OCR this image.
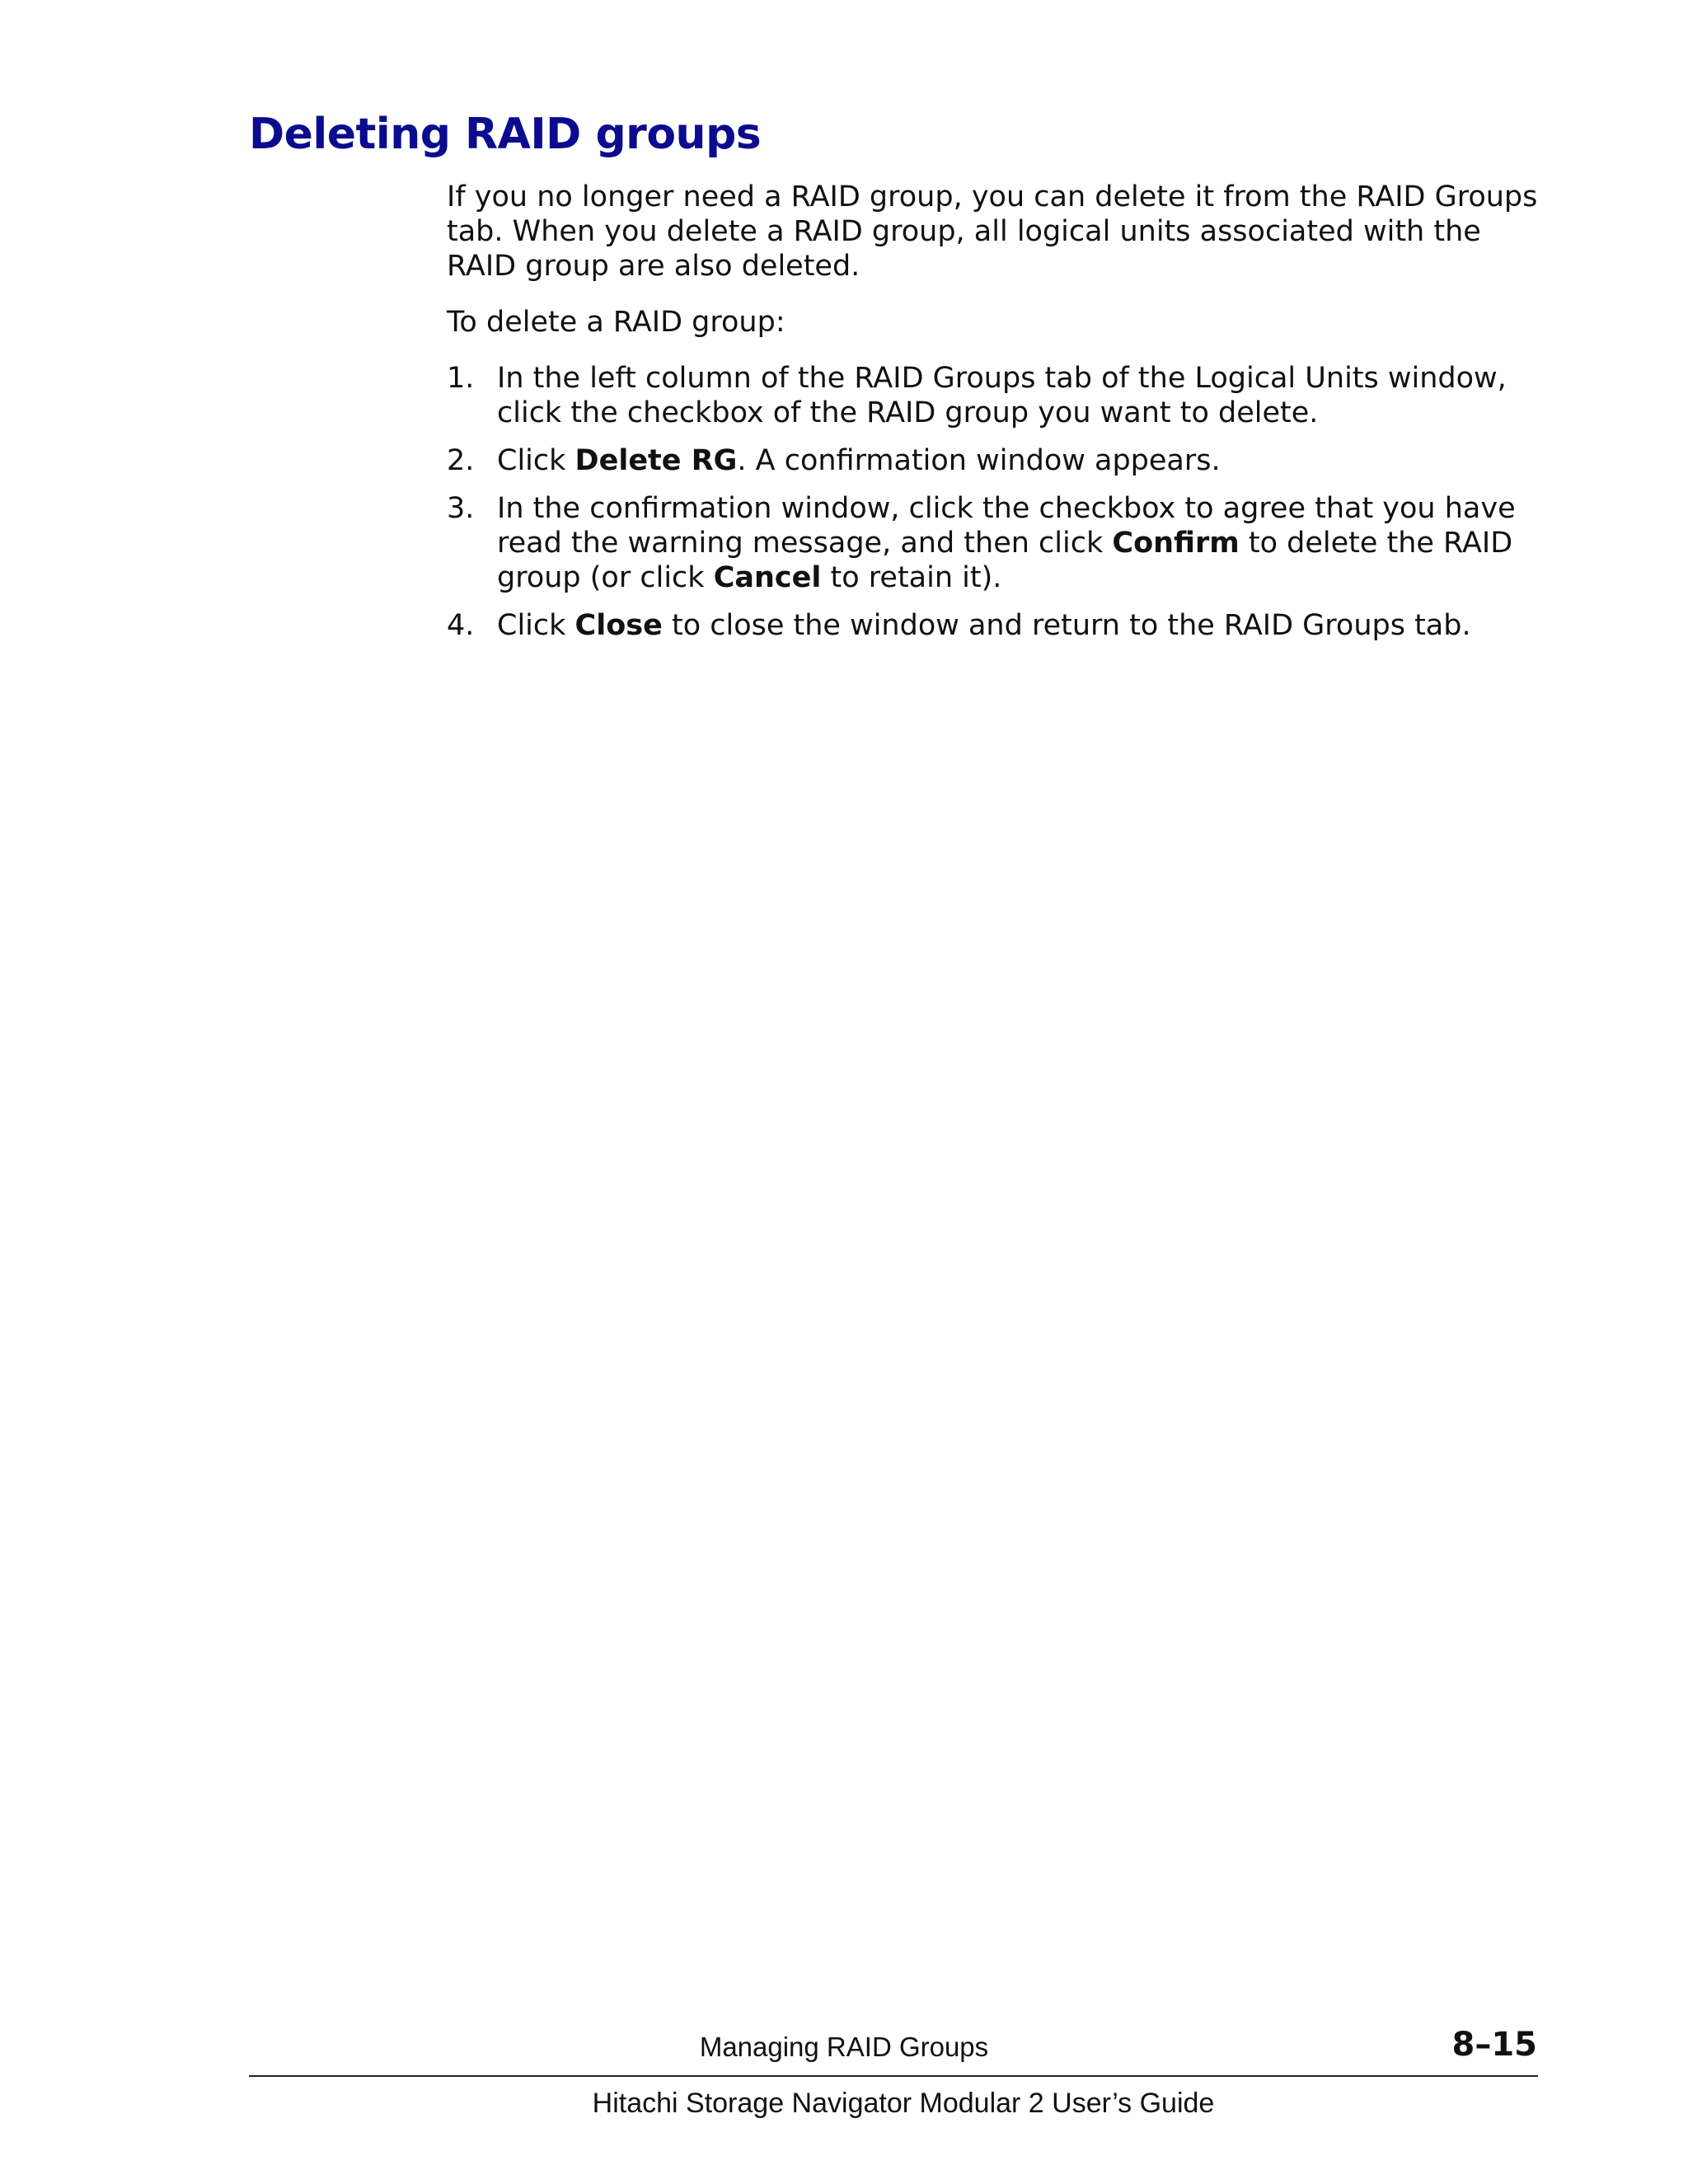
Deleting RAID groups

If you no longer need a RAID group, you can delete it from the RAID Groups tab. When you delete a RAID group, all logical units associated with the RAID group are also deleted.

To delete a RAID group:

1. In the left column of the RAID Groups tab of the Logical Units window, click the checkbox of the RAID group you want to delete.
2. Click Delete RG. A confirmation window appears.
3. In the confirmation window, click the checkbox to agree that you have read the warning message, and then click Confirm to delete the RAID group (or click Cancel to retain it).
4. Click Close to close the window and return to the RAID Groups tab.
Managing RAID Groups	8–15
Hitachi Storage Navigator Modular 2 User’s Guide
